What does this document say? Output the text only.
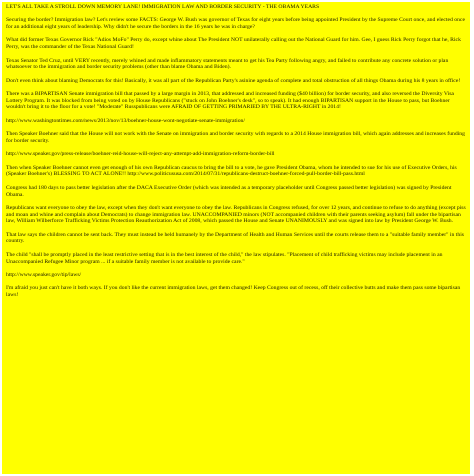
LET'S ALL TAKE A STROLL DOWN MEMORY LANE! IMMIGRATION LAW AND BORDER SECURITY - THE OBAMA YEARS

Securing the border? Immigration law? Let's review some FACTS: George W. Bush was governor of Texas for eight years before being appointed President by the Supreme Court once, and elected once for an additional eight years of leadership. Why didn't he secure the borders in the 16 years he was in charge?

What did former Texas Governor Rick "Adios MoFo" Perry do, except whine about The President NOT unilaterally calling out the National Guard for him. Gee, I guess Rick Perry forgot that he, Rick Perry, was the commander of the Texas National Guard!

Texas Senator Ted Cruz, until VERY recently, merely whined and made inflammatory statements meant to get his Tea Party following angry, and failed to contribute any concrete solution or plan whatsoever to the immigration and border security problems (other than blame Obama and Biden).

Don't even think about blaming Democrats for this! Basically, it was all part of the Republican Party's asinine agenda of complete and total obstruction of all things Obama during his 8 years in office!

There was a BIPARTISAN Senate immigration bill that passed by a large margin in 2013, that addressed and increased funding ($40 billion) for border security, and also reversed the Diversity Visa Lottery Program. It was blocked from being voted on by House Republicans ("stuck on John Boehner's desk", so to speak). It had enough BIPARTISAN support in the House to pass, but Boehner wouldn't bring it to the floor for a vote! "Moderate" Russpublicans were AFRAID OF GETTING PRIMARIED BY THE ULTRA-RIGHT in 2014!

http://www.washingtontimes.com/news/2013/nov/13/boehner-house-wont-negotiate-senate-immigration/

Then Speaker Boehner said that the House will not work with the Senate on immigration and border security with regards to a 2014 House immigration bill, which again addresses and increases funding for border security.

http://www.speaker.gov/press-release/boehner-reid-house-will-reject-any-attempt-add-immigration-reform-border-bill

Then when Speaker Boehner cannot even get enough of his own Republican caucus to bring the bill to a vote, he gave President Obama, whom he intended to sue for his use of Executive Orders, his (Speaker Boehner's) BLESSING TO ACT ALONE!! http://www.politicususa.com/2014/07/31/republicans-destruct-boehner-forced-pull-border-bill-pass.html

Congress had 180 days to pass better legislation after the DACA Executive Order (which was intended as a temporary placeholder until Congress passed better legislation) was signed by President Obama.

Republicans want everyone to obey the law, except when they don't want everyone to obey the law. Republicans in Congress refused, for over 12 years, and continue to refuse to do anything (except piss and moan and whine and complain about Democrats) to change immigration law. UNACCOMPANIED minors (NOT accompanied children with their parents seeking asylum) fall under the bipartisan law, William Wilberforce Trafficking Victims Protection Reauthorization Act of 2008, which passed the House and Senate UNANIMOUSLY and was signed into law by President George W. Bush.

That law says the children cannot be sent back. They must instead be held humanely by the Department of Health and Human Services until the courts release them to a "suitable family member" in this country.

The child "shall be promptly placed in the least restrictive setting that is in the best interest of the child," the law stipulates. "Placement of child trafficking victims may include placement in an Unaccompanied Refugee Minor program ... if a suitable family member is not available to provide care."

http://www.speaker.gov/tip/laws/

I'm afraid you just can't have it both ways. If you don't like the current immigration laws, get them changed! Keep Congress out of recess, off their collective butts and make them pass some bipartisan laws!
